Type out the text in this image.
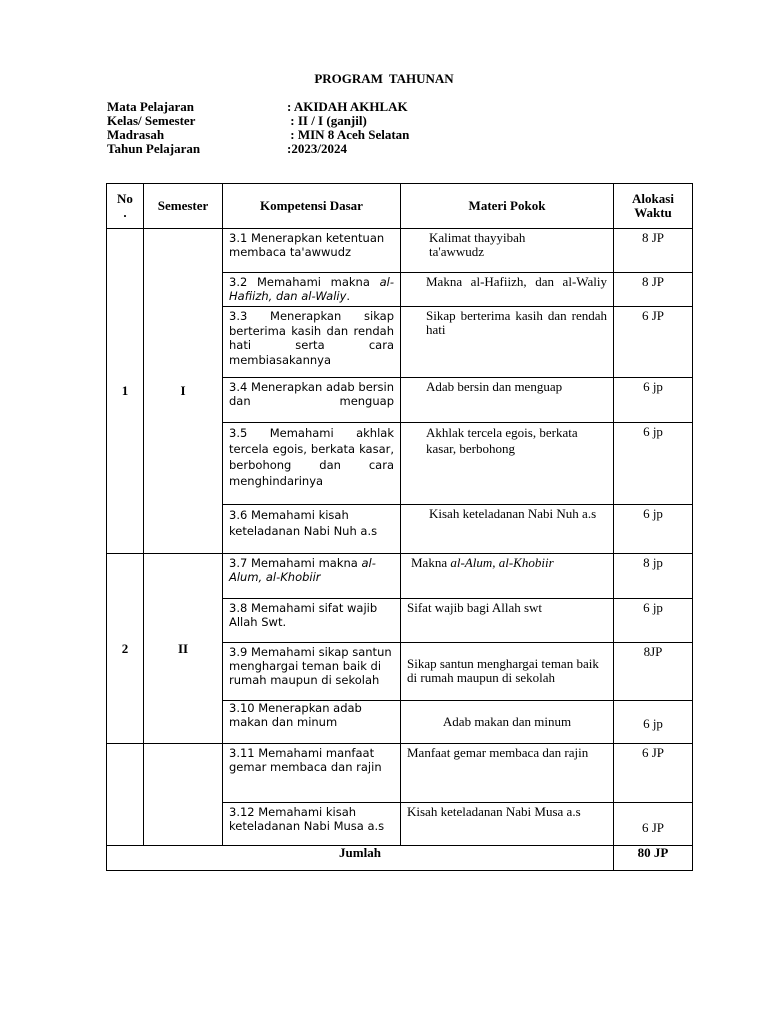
PROGRAM TAHUNAN
Mata Pelajaran	: AKIDAH AKHLAK
Kelas/ Semester	: II / I (ganjil)
Madrasah	: MIN 8 Aceh Selatan
Tahun Pelajaran	:2023/2024
No
.	Semester	Kompetensi Dasar	Materi Pokok	Alokasi
Waktu
1	I	3.1 Menerapkan ketentuan membaca ta'awwudz	Kalimat thayyibah ta'awwudz	8 JP

		3.2 Memahami makna al-Hafiizh, dan al-Waliy.	Makna al-Hafiizh, dan al-Waliy	8 JP

		3.3 Menerapkan sikap berterima kasih dan rendah hati serta cara membiasakannya	Sikap berterima kasih dan rendah hati	6 JP

		3.4 Menerapkan adab bersin dan menguap	Adab bersin dan menguap	6 jp

		3.5 Memahami akhlak tercela egois, berkata kasar, berbohong dan cara menghindarinya	Akhlak tercela egois, berkata kasar, berbohong	6 jp

		3.6 Memahami kisah keteladanan Nabi Nuh a.s	Kisah keteladanan Nabi Nuh a.s	6 jp

2	II	3.7 Memahami makna al-Alum, al-Khobiir	Makna al-Alum, al-Khobiir	8 jp

		3.8 Memahami sifat wajib Allah Swt.	Sifat wajib bagi Allah swt	6 jp

		3.9 Memahami sikap santun menghargai teman baik di rumah maupun di sekolah	Sikap santun menghargai teman baik di rumah maupun di sekolah	8JP

		3.10 Menerapkan adab makan dan minum	Adab makan dan minum	6 jp

		3.11 Memahami manfaat gemar membaca dan rajin	Manfaat gemar membaca dan rajin	6 JP

		3.12 Memahami kisah keteladanan Nabi Musa a.s	Kisah keteladanan Nabi Musa a.s	6 JP

Jumlah				80 JP
